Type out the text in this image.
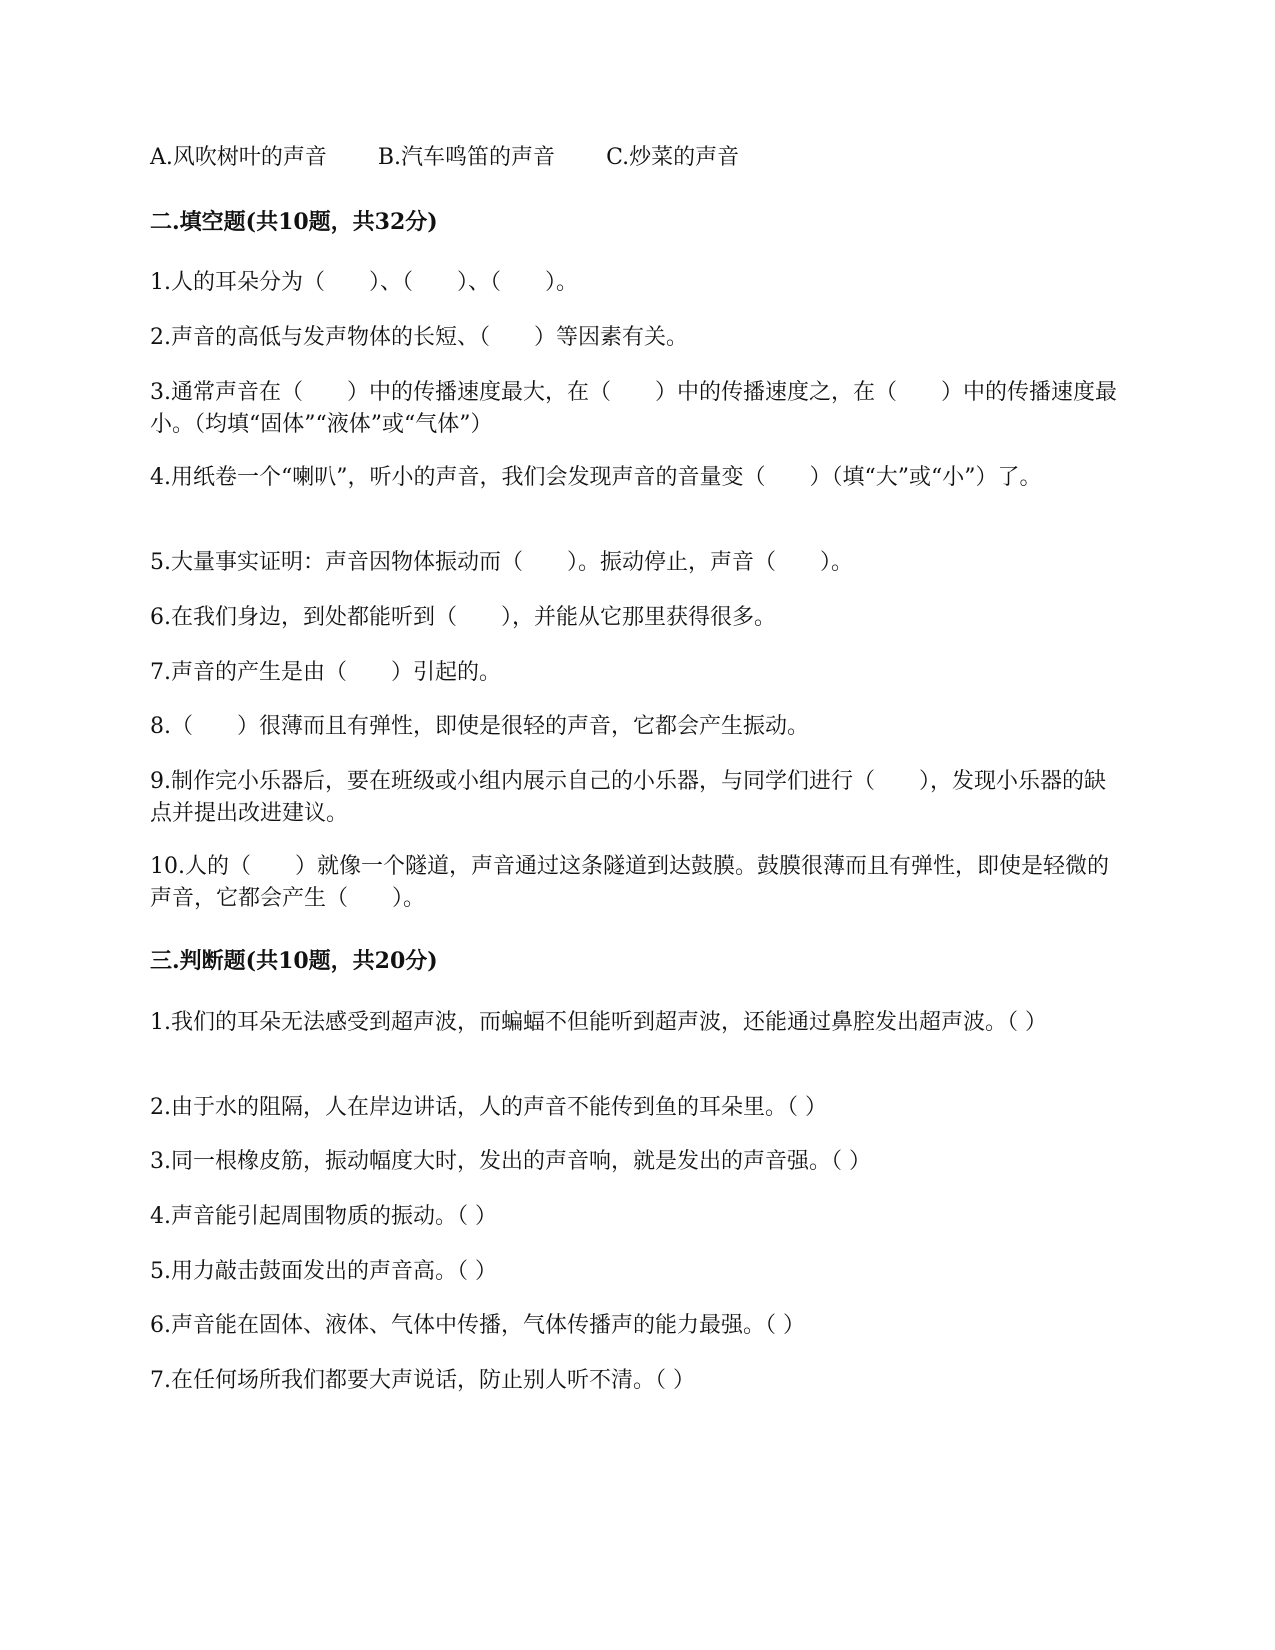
A.风吹树叶的声音 B.汽车鸣笛的声音 C.炒菜的声音
二.填空题(共10题，共32分)
1.人的耳朵分为（　　）、（　　）、（　　）。
2.声音的高低与发声物体的长短、（　　）等因素有关。
3.通常声音在（　　）中的传播速度最大，在（　　）中的传播速度之，在（　　）中的传播速度最小。（均填“固体”“液体”或“气体”）
4.用纸卷一个“喇叭”，听小的声音，我们会发现声音的音量变（　　）（填“大”或“小”）了。
5.大量事实证明：声音因物体振动而（　　）。振动停止，声音（　　）。
6.在我们身边，到处都能听到（　　），并能从它那里获得很多。
7.声音的产生是由（　　）引起的。
8.（　　）很薄而且有弹性，即使是很轻的声音，它都会产生振动。
9.制作完小乐器后，要在班级或小组内展示自己的小乐器，与同学们进行（　　），发现小乐器的缺点并提出改进建议。
10.人的（　　）就像一个隧道，声音通过这条隧道到达鼓膜。鼓膜很薄而且有弹性，即使是轻微的声音，它都会产生（　　）。
三.判断题(共10题，共20分)
1.我们的耳朵无法感受到超声波，而蝙蝠不但能听到超声波，还能通过鼻腔发出超声波。（ ）
2.由于水的阻隔，人在岸边讲话，人的声音不能传到鱼的耳朵里。（ ）
3.同一根橡皮筋，振动幅度大时，发出的声音响，就是发出的声音强。（ ）
4.声音能引起周围物质的振动。（ ）
5.用力敲击鼓面发出的声音高。（ ）
6.声音能在固体、液体、气体中传播，气体传播声的能力最强。（ ）
7.在任何场所我们都要大声说话，防止别人听不清。（ ）
